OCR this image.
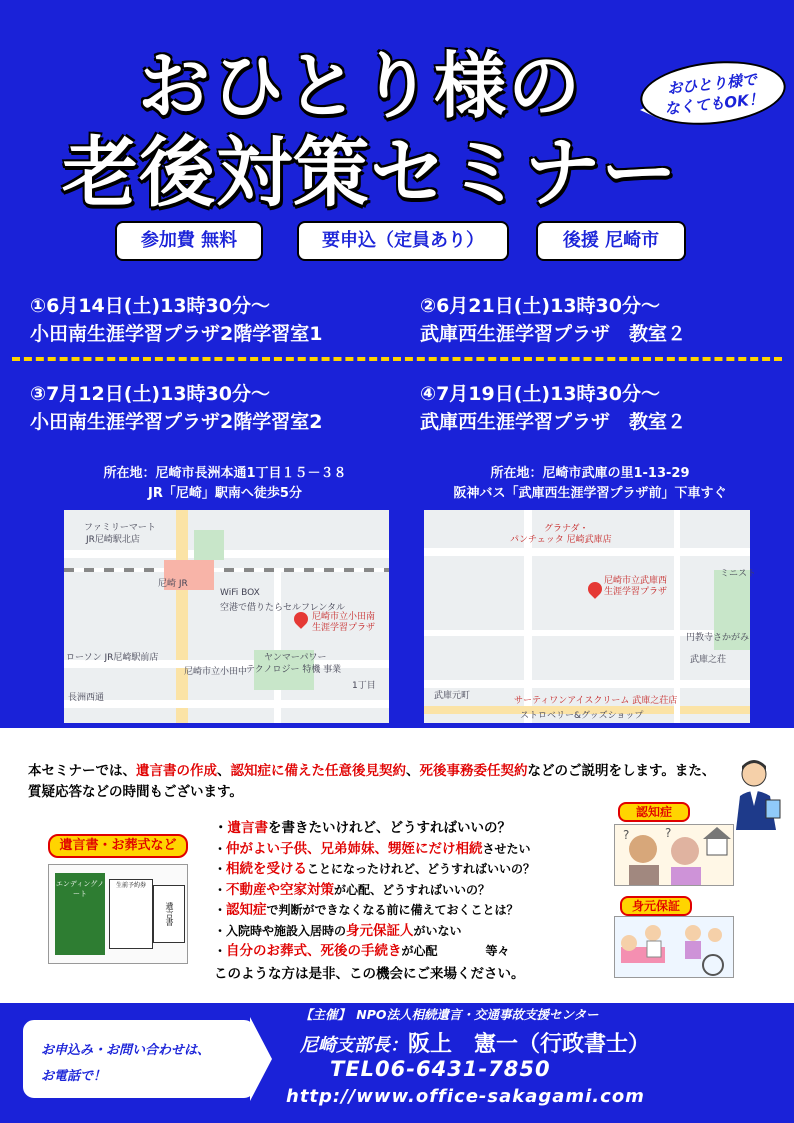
おひとり様の
老後対策セミナー
おひとり様で
なくてもOK！
参加費 無料	要申込（定員あり）	後援 尼崎市
①6月14日(土)13時30分～
小田南生涯学習プラザ2階学習室1
②6月21日(土)13時30分～
武庫西生涯学習プラザ　教室２
③7月12日(土)13時30分～
小田南生涯学習プラザ2階学習室2
④7月19日(土)13時30分～
武庫西生涯学習プラザ　教室２
所在地：尼崎市長洲本通1丁目１５－３８
JR「尼崎」駅南へ徒歩5分
所在地：尼崎市武庫の里1-13-29
阪神バス「武庫西生涯学習プラザ前」下車すぐ
ファミリーマート
JR尼崎駅北店
尼崎 JR
WiFi BOX
空港で借りたらセルフレンタル
尼崎市立小田南
生涯学習プラザ
ローソン JR尼崎駅前店	ヤンマーパワー
テクノロジー 特機 事業
長洲西通
尼崎市立小田中
1丁目
グラナダ・
パンチェッタ 尼崎武庫店
尼崎市立武庫西
生涯学習プラザ
ミニスト
円教寺さかがみ
武庫之荘
武庫元町	サーティワンアイスクリーム 武庫之荘店
ストロベリー&グッズショップ
本セミナーでは、遺言書の作成、認知症に備えた任意後見契約、死後事務委任契約などのご説明をします。また、質疑応答などの時間もございます。
遺言書・お葬式など
エンディングノート
生前予約券
遺言書
・遺言書を書きたいけれど、どうすればいいの？
・仲がよい子供、兄弟姉妹、甥姪にだけ相続させたい
・相続を受けることになったけれど、どうすればいいの？
・不動産や空家対策が心配、どうすればいいの？
・認知症で判断ができなくなる前に備えておくことは？
・入院時や施設入居時の身元保証人がいない
・自分のお葬式、死後の手続きが心配　　　　等々
このような方は是非、この機会にご来場ください。
認知症
?	?
身元保証
お申込み・お問い合わせは、
お電話で！
【主催】　NPO法人相続遺言・交通事故支援センター
尼崎支部長：阪上　憲一（行政書士）
TEL06-6431-7850
http://www.office-sakagami.com
